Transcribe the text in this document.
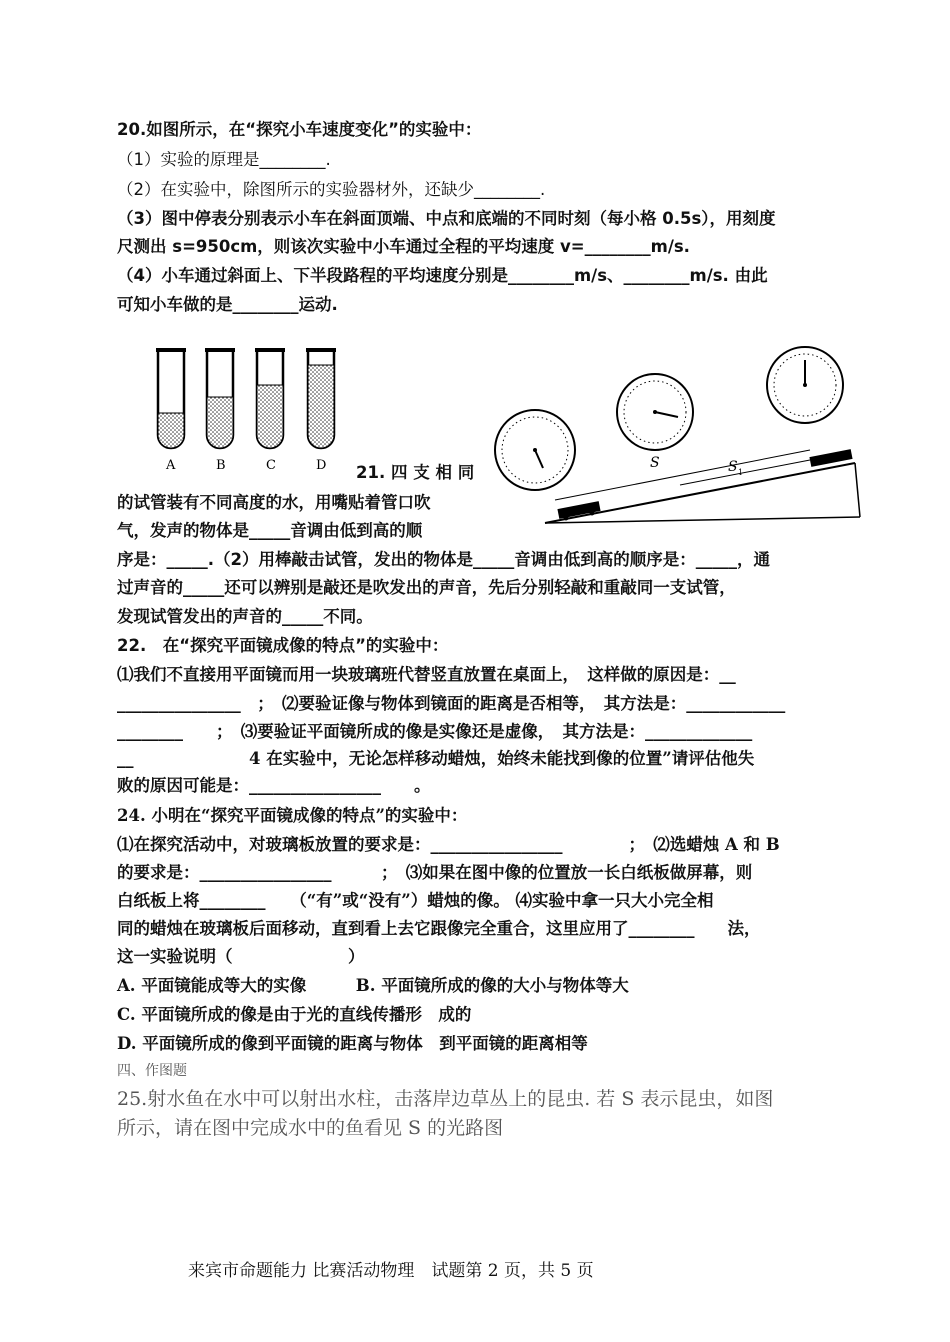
20.如图所示，在“探究小车速度变化”的实验中：
（1）实验的原理是________.
（2）在实验中，除图所示的实验器材外，还缺少________.
（3）图中停表分别表示小车在斜面顶端、中点和底端的不同时刻（每小格 0.5s），用刻度
尺测出 s=950cm，则该次实验中小车通过全程的平均速度 v=________m/s.
（4）小车通过斜面上、下半段路程的平均速度分别是________m/s、________m/s. 由此
可知小车做的是________运动.
A	B	C	D	S	S 1
21. 四 支 相 同
的试管装有不同高度的水，用嘴贴着管口吹
气，发声的物体是_____音调由低到高的顺
序是：_____.（2）用棒敲击试管，发出的物体是_____音调由低到高的顺序是：_____，通
过声音的_____还可以辨别是敲还是吹发出的声音，先后分别轻敲和重敲同一支试管，
发现试管发出的声音的_____不同。
22.　在“探究平面镜成像的特点”的实验中：
⑴我们不直接用平面镜而用一块玻璃班代替竖直放置在桌面上，　这样做的原因是：__
_______________　；　⑵要验证像与物体到镜面的距离是否相等，　其方法是：____________
________　　；　⑶要验证平面镜所成的像是实像还是虚像，　其方法是：_____________
__　　　　　　　4 在实验中，无论怎样移动蜡烛，始终未能找到像的位置”请评估他失
败的原因可能是：________________　　。
24. 小明在“探究平面镜成像的特点”的实验中：
⑴在探究活动中，对玻璃板放置的要求是：________________　　　　；　⑵选蜡烛 A 和 B
的要求是：________________　　　；　⑶如果在图中像的位置放一长白纸板做屏幕，则
白纸板上将________　　（“有”或“没有”）蜡烛的像。 ⑷实验中拿一只大小完全相
同的蜡烛在玻璃板后面移动，直到看上去它跟像完全重合，这里应用了________　　法，
这一实验说明（　　　　　　　）
A. 平面镜能成等大的实像　　　B. 平面镜所成的像的大小与物体等大
C. 平面镜所成的像是由于光的直线传播形　成的
D. 平面镜所成的像到平面镜的距离与物体　到平面镜的距离相等
四、作图题
25.射水鱼在水中可以射出水柱，击落岸边草丛上的昆虫. 若 S 表示昆虫，如图
所示，请在图中完成水中的鱼看见 S 的光路图
来宾市命题能力 比赛活动物理　试题第 2 页，共 5 页
